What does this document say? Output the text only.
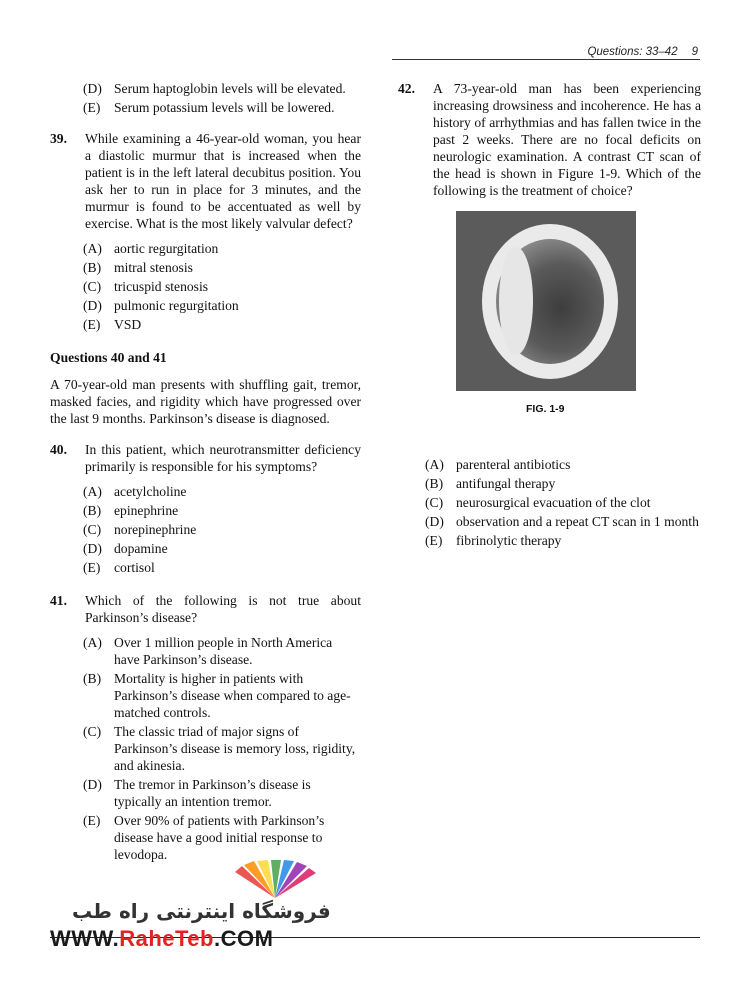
Questions: 33–42 9
(D) Serum haptoglobin levels will be elevated.
(E)	Serum potassium levels will be lowered.
39.	While examining a 46-year-old woman, you hear a diastolic murmur that is increased when the patient is in the left lateral decubitus position. You ask her to run in place for 3 minutes, and the murmur is found to be accentuated as well by exercise. What is the most likely valvular defect?
(A) aortic regurgitation
(B) mitral stenosis
(C) tricuspid stenosis
(D) pulmonic regurgitation
(E)	VSD
Questions 40 and 41
A 70-year-old man presents with shuffling gait, tremor, masked facies, and rigidity which have progressed over the last 9 months. Parkinson’s disease is diagnosed.
40.	In this patient, which neurotransmitter deficiency primarily is responsible for his symptoms?
(A) acetylcholine
(B) epinephrine
(C) norepinephrine
(D) dopamine
(E)	cortisol
41.	Which of the following is not true about Parkinson’s disease?
(A) Over 1 million people in North America have Parkinson’s disease.
(B) Mortality is higher in patients with Parkinson’s disease when compared to age-matched controls.
(C) The classic triad of major signs of Parkinson’s disease is memory loss, rigidity, and akinesia.
(D) The tremor in Parkinson’s disease is typically an intention tremor.
(E)	Over 90% of patients with Parkinson’s disease have a good initial response to levodopa.
42.	A 73-year-old man has been experiencing increasing drowsiness and incoherence. He has a history of arrhythmias and has fallen twice in the past 2 weeks. There are no focal deficits on neurologic examination. A contrast CT scan of the head is shown in Figure 1-9. Which of the following is the treatment of choice?
FIG. 1-9
(A) parenteral antibiotics
(B) antifungal therapy
(C) neurosurgical evacuation of the clot
(D) observation and a repeat CT scan in 1 month
(E)	fibrinolytic therapy
فروشگاه اینترنتی راه طب
WWW.RaheTeb.COM
